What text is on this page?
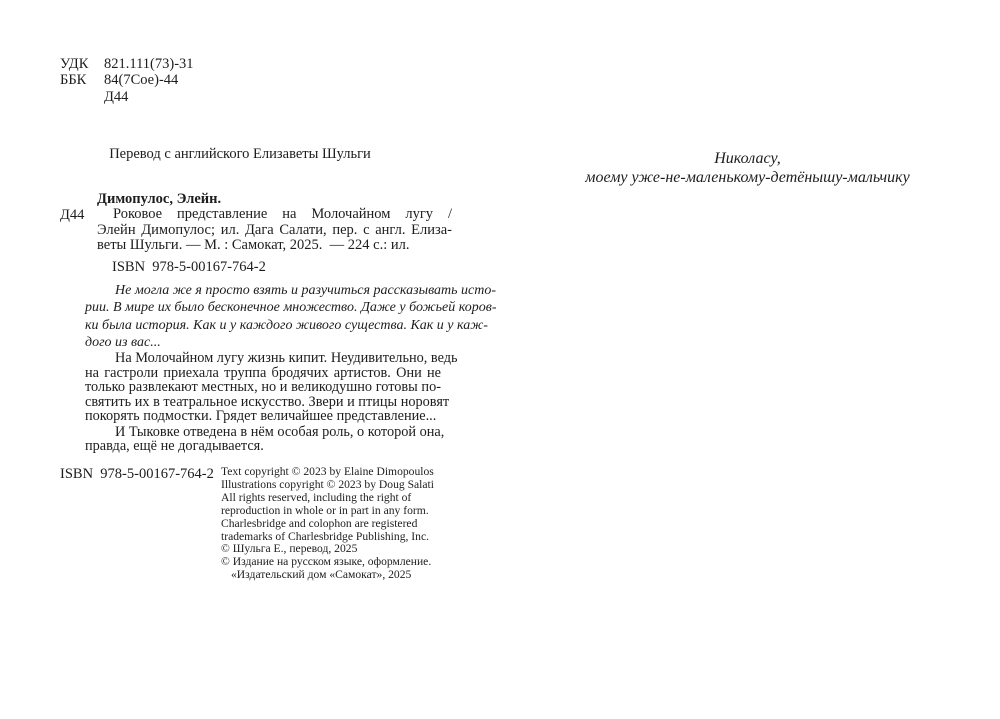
УДК 821.111(73)-31
ББК 84(7Сое)-44
Д44
Перевод с английского Елизаветы Шульги
Димопулос, Элейн.
Д44	Роковое представление на Молочайном лугу /
Элейн Димопулос; ил. Дага Салати, пер. с англ. Елиза-
веты Шульги. — М. : Самокат, 2025.  — 224 с.: ил.
ISBN  978-5-00167-764-2
Не могла же я просто взять и разучиться рассказывать исто-
рии. В мире их было бесконечное множество. Даже у божьей коров-
ки была история. Как и у каждого живого существа. Как и у каж-
дого из вас...
На Молочайном лугу жизнь кипит. Неудивительно, ведь
на гастроли приехала труппа бродячих артистов. Они не
только развлекают местных, но и великодушно готовы по-
святить их в театральное искусство. Звери и птицы норовят
покорять подмостки. Грядет величайшее представление...
И Тыковке отведена в нём особая роль, о которой она,
правда, ещё не догадывается.
ISBN  978-5-00167-764-2 Text copyright © 2023 by Elaine Dimopoulos
Illustrations copyright © 2023 by Doug Salati
All rights reserved, including the right of
reproduction in whole or in part in any form.
Charlesbridge and colophon are registered
trademarks of Charlesbridge Publishing, Inc.
© Шульга Е., перевод, 2025
© Издание на русском языке, оформление.
«Издательский дом «Самокат», 2025
Николасу,
моему уже-не-маленькому-детёнышу-мальчику
